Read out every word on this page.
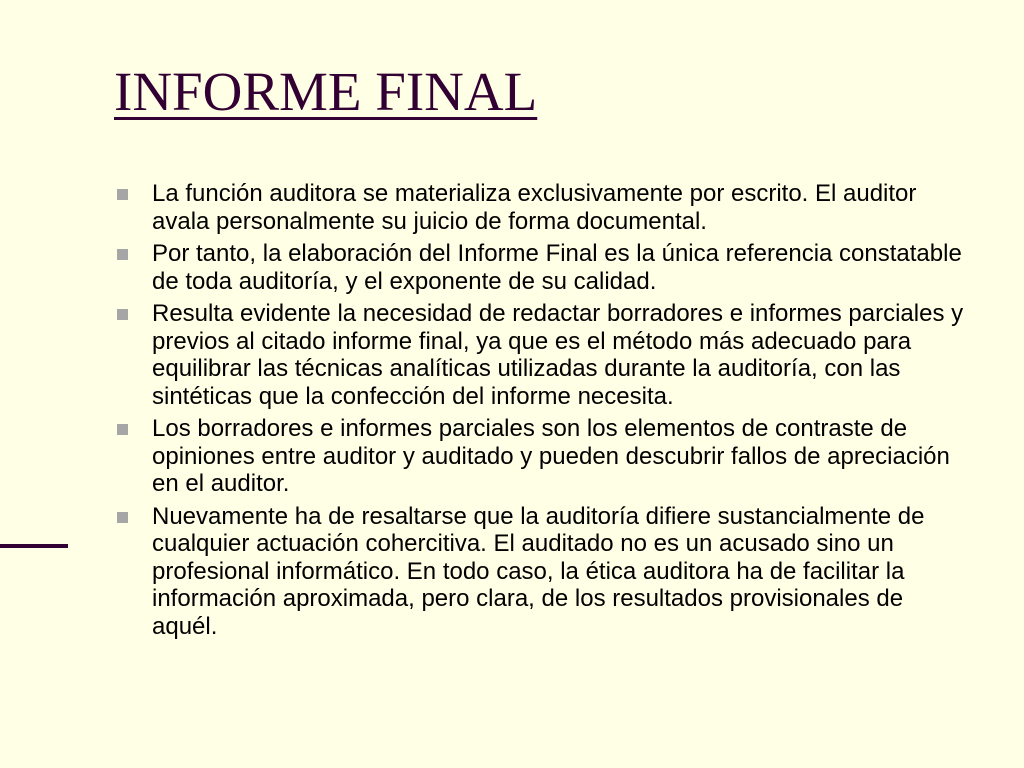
INFORME FINAL
La función auditora se materializa exclusivamente por escrito. El auditor avala personalmente su juicio de forma documental.
Por tanto, la elaboración del Informe Final es la única referencia constatable de toda auditoría, y el exponente de su calidad.
Resulta evidente la necesidad de redactar borradores e informes parciales y previos al citado informe final, ya que es el método más adecuado para equilibrar las técnicas analíticas utilizadas durante la auditoría, con las sintéticas que la confección del informe necesita.
Los borradores e informes parciales son los elementos de contraste de opiniones entre auditor y auditado y pueden descubrir fallos de apreciación en el auditor.
Nuevamente ha de resaltarse que la auditoría difiere sustancialmente de cualquier actuación cohercitiva. El auditado no es un acusado sino un profesional informático. En todo caso, la ética auditora ha de facilitar la información aproximada, pero clara, de los resultados provisionales de aquél.
